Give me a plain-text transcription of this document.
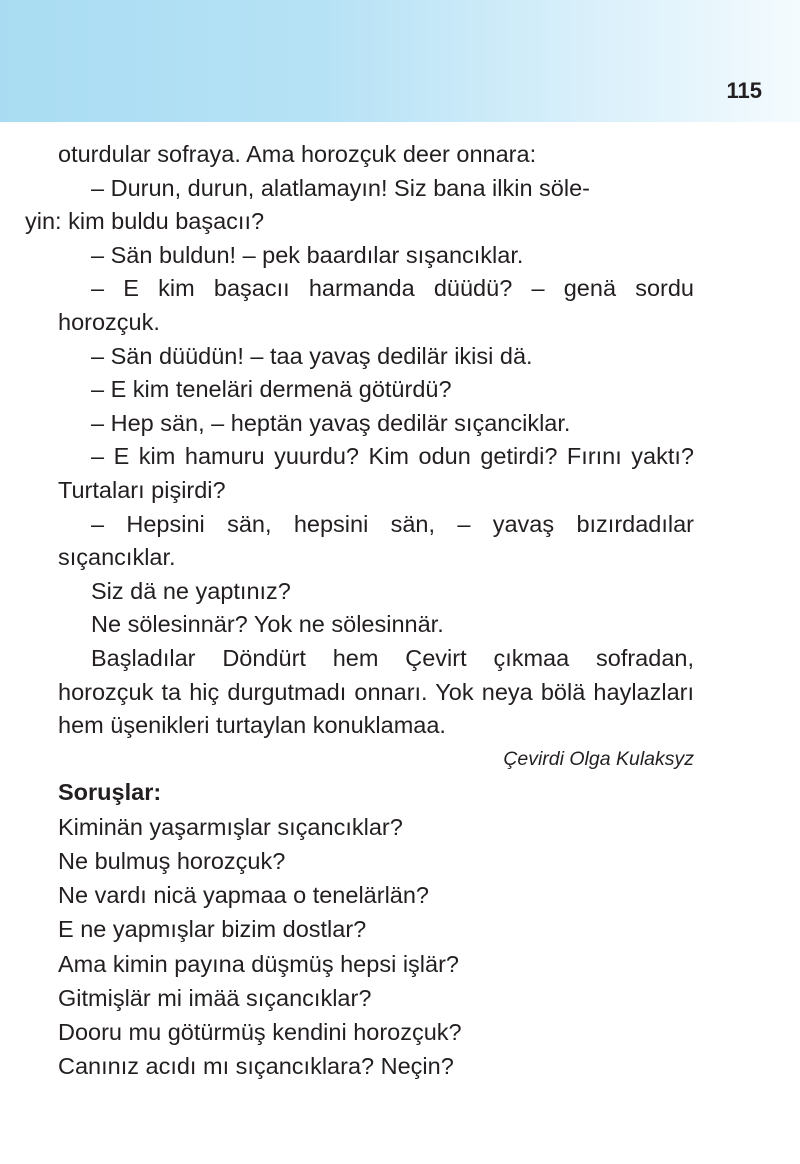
115

oturdular sofraya. Ama horozçuk deer onnara:

– Durun, durun, alatlamayın! Siz bana ilkin söle-
yin: kim buldu başacıı?

– Sän buldun! – pek baardılar sışancıklar.

– E kim başacıı harmanda düüdü? – genä sordu horozçuk.

– Sän düüdün! – taa yavaş dedilär ikisi dä.

– E kim teneläri dermenä götürdü?

– Hep sän, – heptän yavaş dedilär sıçanciklar.

– E kim hamuru yuurdu? Kim odun getirdi? Fırını yaktı? Turtaları pişirdi?

– Hepsini sän, hepsini sän, – yavaş bızırdadılar sıçancıklar.

Siz dä ne yaptınız?

Ne sölesinnär? Yok ne sölesinnär.

Başladılar Döndürt hem Çevirt çıkmaa sofradan, horozçuk ta hiç durgutmadı onnarı. Yok neya bölä haylazları hem üşenikleri turtaylan konuklamaa.

Çevirdi Olga Kulaksyz

Soruşlar:

Kiminän yaşarmışlar sıçancıklar?

Ne bulmuş horozçuk?

Ne vardı nicä yapmaa o tenelärlän?

E ne yapmışlar bizim dostlar?

Ama kimin payına düşmüş hepsi işlär?

Gitmişlär mi imää sıçancıklar?

Dooru mu götürmüş kendini horozçuk?

Canınız acıdı mı sıçancıklara? Neçin?
